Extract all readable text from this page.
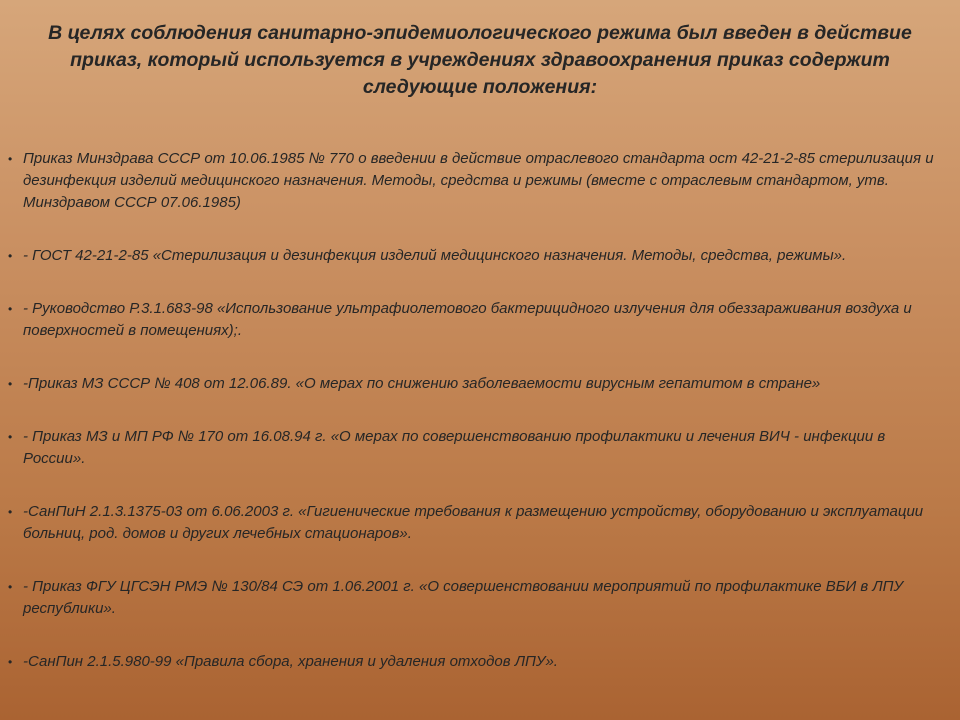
В целях соблюдения санитарно-эпидемиологического режима был введен в действие приказ, который используется в учреждениях здравоохранения приказ содержит следующие положения:
• Приказ Минздрава СССР от 10.06.1985 № 770 о введении в действие отраслевого стандарта ост 42-21-2-85 стерилизация и дезинфекция изделий медицинского назначения. Методы, средства и режимы (вместе с отраслевым стандартом, утв. Минздравом СССР 07.06.1985)
• - ГОСТ 42-21-2-85 «Стерилизация и дезинфекция изделий медицинского назначения. Методы, средства, режимы».
• - Руководство Р.3.1.683-98 «Использование ультрафиолетового бактерицидного излучения для обеззараживания воздуха и поверхностей в помещениях);.
• -Приказ МЗ СССР № 408 от 12.06.89. «О мерах по снижению заболеваемости вирусным гепатитом в стране»
• - Приказ МЗ и МП РФ № 170 от 16.08.94 г. «О мерах по совершенствованию профилактики и лечения ВИЧ - инфекции в России».
• -СанПиН 2.1.3.1375-03 от 6.06.2003 г. «Гигиенические требования к размещению устройству, оборудованию и эксплуатации больниц, род. домов и других лечебных стационаров».
• - Приказ ФГУ ЦГСЭН РМЭ № 130/84 СЭ от 1.06.2001 г. «О совершенствовании мероприятий по профилактике ВБИ в ЛПУ республики».
• -СанПин 2.1.5.980-99 «Правила сбора, хранения и удаления отходов ЛПУ».
